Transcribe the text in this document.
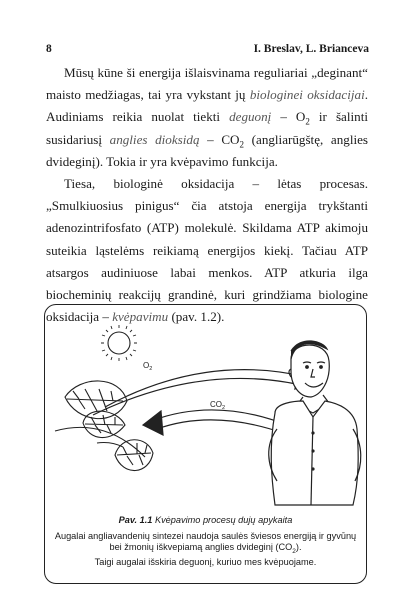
8	I. Breslav, L. Brianceva

Mūsų kūne ši energija išlaisvinama reguliariai „deginant“ maisto medžiagas, tai yra vykstant jų biologinei oksidacijai. Audiniams reikia nuolat tiekti deguonį – $O_2$ ir šalinti susidariusį anglies dioksidą – $CO_2$ (angliarūgštę, anglies dvideginį). Tokia ir yra kvėpavimo funkcija.

Tiesa, biologinė oksidacija – lėtas procesas. „Smulkiuosius pinigus“ čia atstoja energija trykštanti adenozintrifosfato (ATP) molekulė. Skildama ATP akimoju suteikia ląstelėms reikiamą energijos kiekį. Tačiau ATP atsargos audiniuose labai menkos. ATP atkuria ilga biocheminių reakcijų grandinė, kuri grindžiama biologine oksidacija – kvėpavimu (pav. 1.2).

$O_2$
$CO_2$
Pav. 1.1 Kvėpavimo procesų dujų apykaita
Augalai angliavandenių sintezei naudoja saulės šviesos energiją ir gyvūnų
bei žmonių iškvepiamą anglies dvideginį $(CO_2)$.
Taigi augalai išskiria deguonį, kuriuo mes kvėpuojame.
